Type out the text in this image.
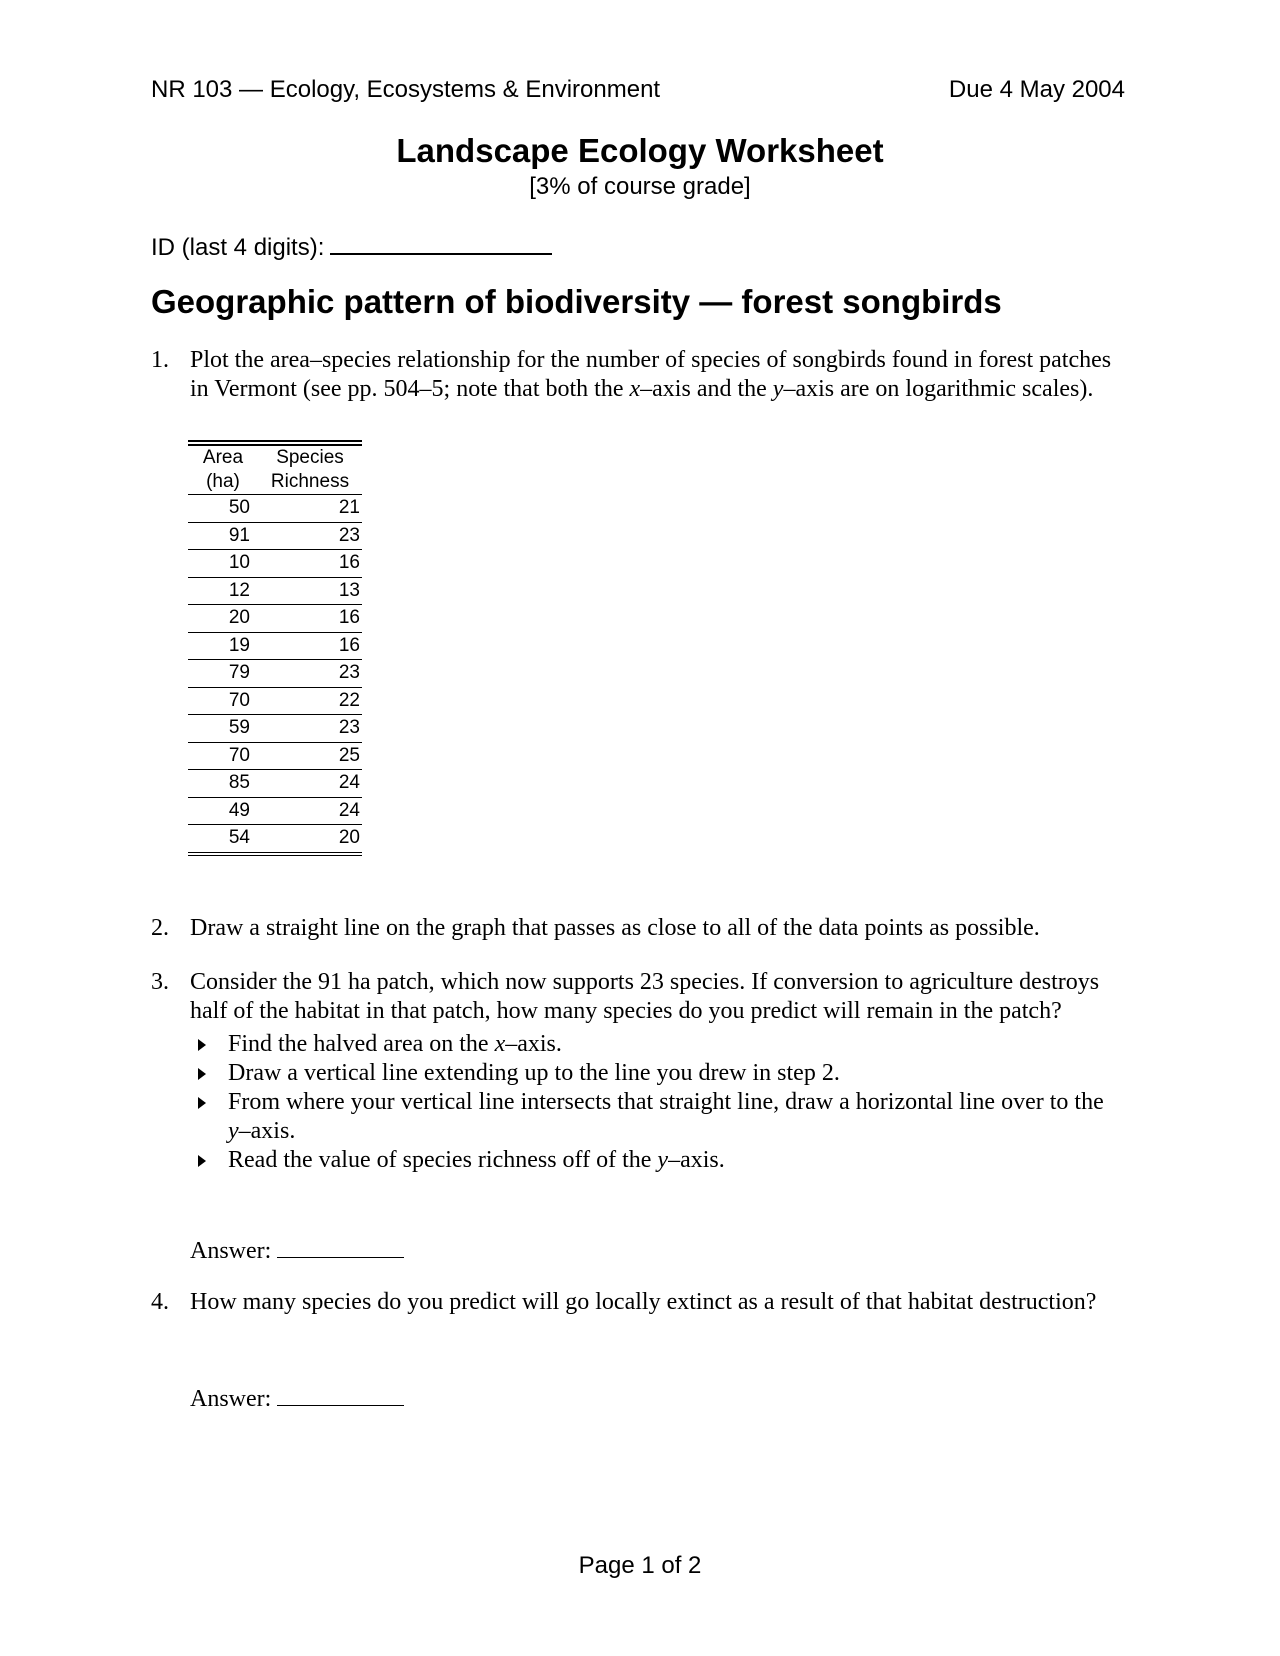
NR 103 — Ecology, Ecosystems & Environment	Due 4 May 2004
Landscape Ecology Worksheet
[3% of course grade]
ID (last 4 digits):
Geographic pattern of biodiversity — forest songbirds
1. Plot the area–species relationship for the number of species of songbirds found in forest patches in Vermont (see pp. 504–5; note that both the x–axis and the y–axis are on logarithmic scales).
Area	Species
(ha)	Richness
50	21
91	23
10	16
12	13
20	16
19	16
79	23
70	22
59	23
70	25
85	24
49	24
54	20
2. Draw a straight line on the graph that passes as close to all of the data points as possible.
3. Consider the 91 ha patch, which now supports 23 species. If conversion to agriculture destroys half of the habitat in that patch, how many species do you predict will remain in the patch?
Find the halved area on the x–axis.
Draw a vertical line extending up to the line you drew in step 2.
From where your vertical line intersects that straight line, draw a horizontal line over to the y–axis.
Read the value of species richness off of the y–axis.
Answer:
4. How many species do you predict will go locally extinct as a result of that habitat destruction?
Answer:
Page 1 of 2
